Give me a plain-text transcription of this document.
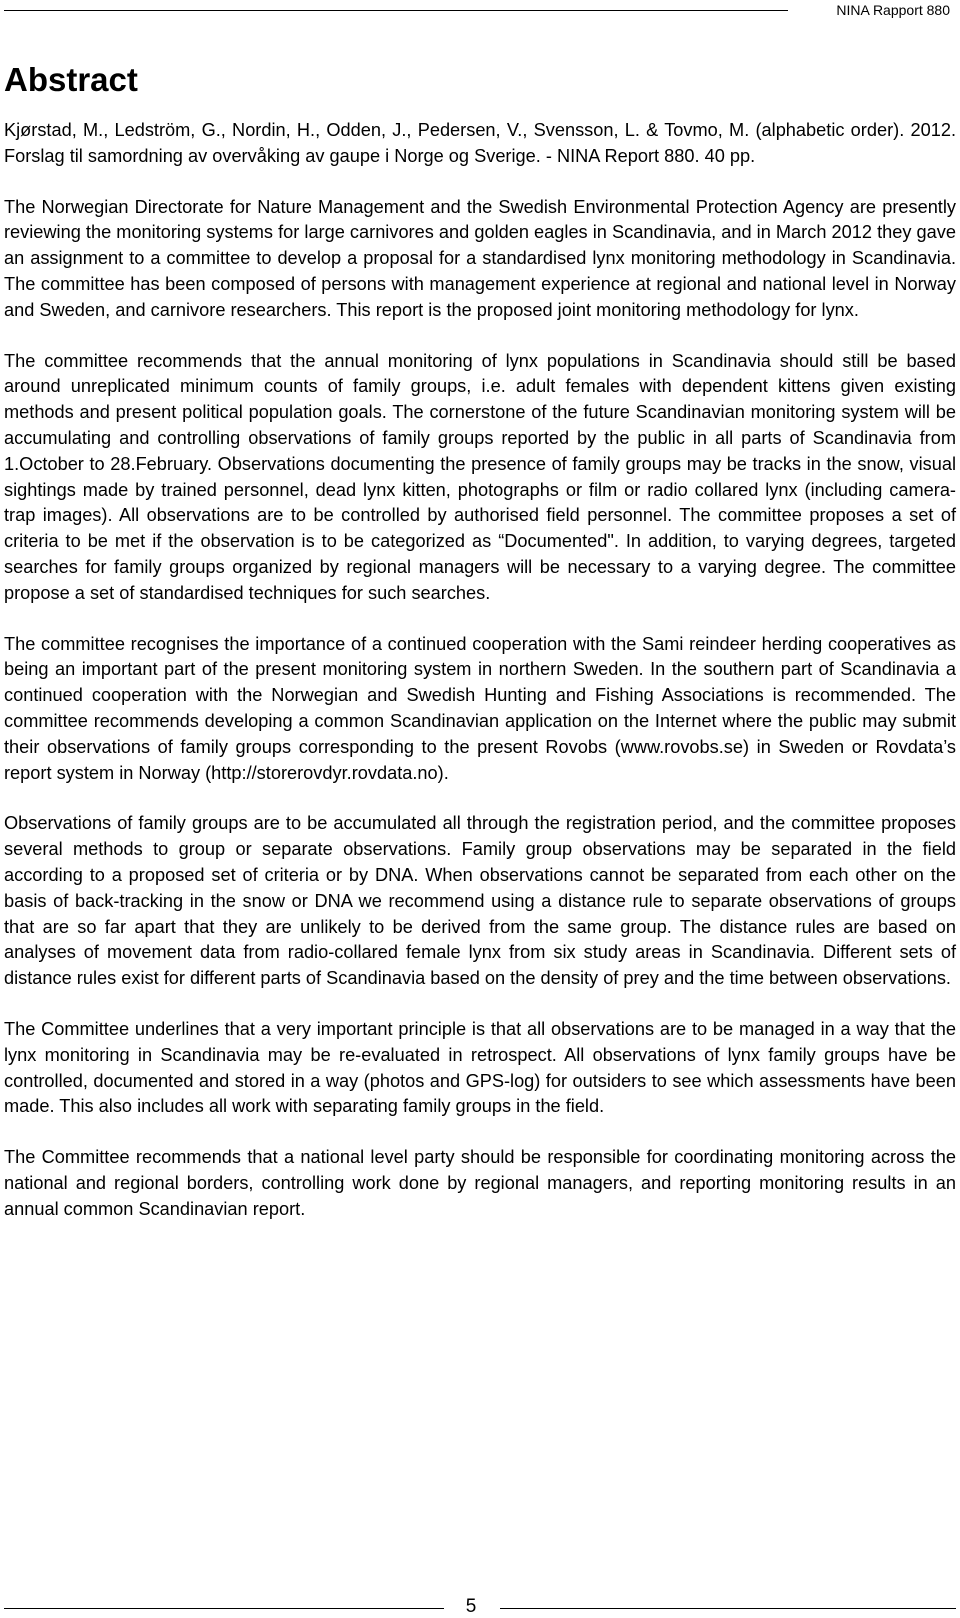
NINA Rapport 880
Abstract

Kjørstad, M., Ledström, G., Nordin, H., Odden, J., Pedersen, V., Svensson, L. & Tovmo, M. (alphabetic order). 2012. Forslag til samordning av overvåking av gaupe i Norge og Sverige. - NINA Report 880. 40 pp.

The Norwegian Directorate for Nature Management and the Swedish Environmental Protection Agency are presently reviewing the monitoring systems for large carnivores and golden eagles in Scandinavia, and in March 2012 they gave an assignment to a committee to develop a proposal for a standardised lynx monitoring methodology in Scandinavia. The committee has been composed of persons with management experience at regional and national level in Norway and Sweden, and carnivore researchers. This report is the proposed joint monitoring methodology for lynx.

The committee recommends that the annual monitoring of lynx populations in Scandinavia should still be based around unreplicated minimum counts of family groups, i.e. adult females with dependent kittens given existing methods and present political population goals. The cornerstone of the future Scandinavian monitoring system will be accumulating and controlling observations of family groups reported by the public in all parts of Scandinavia from 1.October to 28.February. Observations documenting the presence of family groups may be tracks in the snow, visual sightings made by trained personnel, dead lynx kitten, photographs or film or radio collared lynx (including camera-trap images). All observations are to be controlled by authorised field personnel. The committee proposes a set of criteria to be met if the observation is to be categorized as “Documented". In addition, to varying degrees, targeted searches for family groups organized by regional managers will be necessary to a varying degree. The committee propose a set of standardised techniques for such searches.

The committee recognises the importance of a continued cooperation with the Sami reindeer herding cooperatives as being an important part of the present monitoring system in northern Sweden. In the southern part of Scandinavia a continued cooperation with the Norwegian and Swedish Hunting and Fishing Associations is recommended. The committee recommends developing a common Scandinavian application on the Internet where the public may submit their observations of family groups corresponding to the present Rovobs (www.rovobs.se) in Sweden or Rovdata’s report system in Norway (http://storerovdyr.rovdata.no).

Observations of family groups are to be accumulated all through the registration period, and the committee proposes several methods to group or separate observations. Family group observations may be separated in the field according to a proposed set of criteria or by DNA. When observations cannot be separated from each other on the basis of back-tracking in the snow or DNA we recommend using a distance rule to separate observations of groups that are so far apart that they are unlikely to be derived from the same group. The distance rules are based on analyses of movement data from radio-collared female lynx from six study areas in Scandinavia. Different sets of distance rules exist for different parts of Scandinavia based on the density of prey and the time between observations.

The Committee underlines that a very important principle is that all observations are to be managed in a way that the lynx monitoring in Scandinavia may be re-evaluated in retrospect. All observations of lynx family groups have be controlled, documented and stored in a way (photos and GPS-log) for outsiders to see which assessments have been made. This also includes all work with separating family groups in the field.

The Committee recommends that a national level party should be responsible for coordinating monitoring across the national and regional borders, controlling work done by regional managers, and reporting monitoring results in an annual common Scandinavian report.

5
